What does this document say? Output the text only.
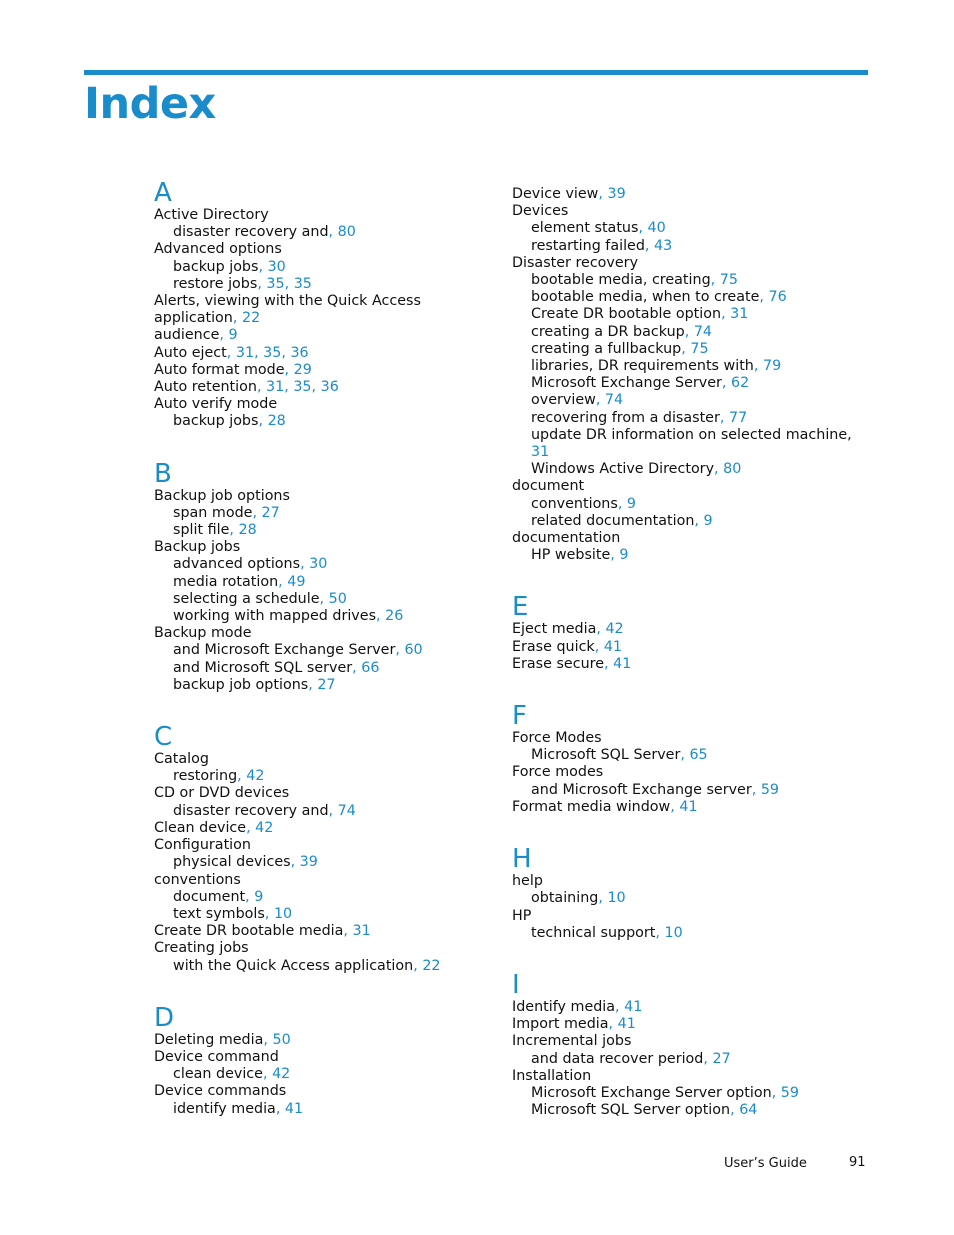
Index
A
Active Directory
disaster recovery and, 80
Advanced options
backup jobs, 30
restore jobs, 35, 35
Alerts, viewing with the Quick Access
application, 22
audience, 9
Auto eject, 31, 35, 36
Auto format mode, 29
Auto retention, 31, 35, 36
Auto verify mode
backup jobs, 28
B
Backup job options
span mode, 27
split file, 28
Backup jobs
advanced options, 30
media rotation, 49
selecting a schedule, 50
working with mapped drives, 26
Backup mode
and Microsoft Exchange Server, 60
and Microsoft SQL server, 66
backup job options, 27
C
Catalog
restoring, 42
CD or DVD devices
disaster recovery and, 74
Clean device, 42
Configuration
physical devices, 39
conventions
document, 9
text symbols, 10
Create DR bootable media, 31
Creating jobs
with the Quick Access application, 22
D
Deleting media, 50
Device command
clean device, 42
Device commands
identify media, 41
Device view, 39
Devices
element status, 40
restarting failed, 43
Disaster recovery
bootable media, creating, 75
bootable media, when to create, 76
Create DR bootable option, 31
creating a DR backup, 74
creating a fullbackup, 75
libraries, DR requirements with, 79
Microsoft Exchange Server, 62
overview, 74
recovering from a disaster, 77
update DR information on selected machine,
31
Windows Active Directory, 80
document
conventions, 9
related documentation, 9
documentation
HP website, 9
E
Eject media, 42
Erase quick, 41
Erase secure, 41
F
Force Modes
Microsoft SQL Server, 65
Force modes
and Microsoft Exchange server, 59
Format media window, 41
H
help
obtaining, 10
HP
technical support, 10
I
Identify media, 41
Import media, 41
Incremental jobs
and data recover period, 27
Installation
Microsoft Exchange Server option, 59
Microsoft SQL Server option, 64
User’s Guide	91
